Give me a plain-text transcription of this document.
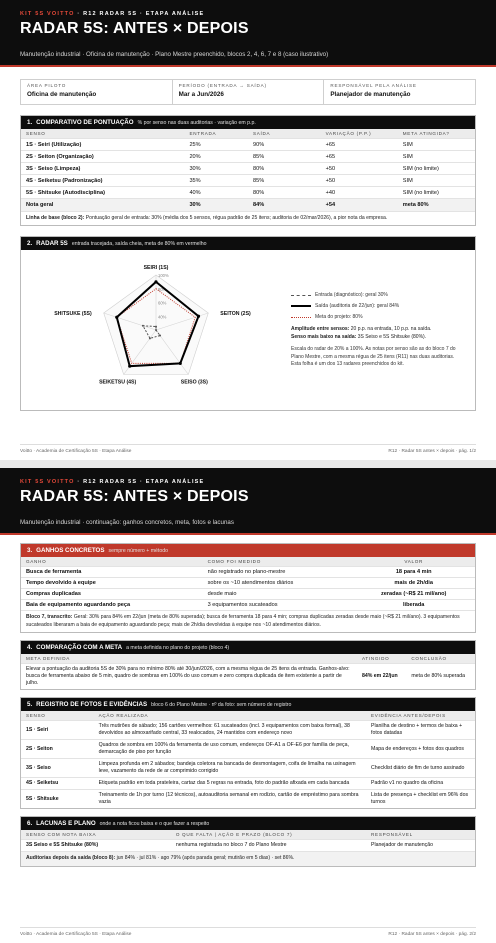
KIT 5S VOITTO · R12 RADAR 5S · ETAPA ANÁLISE
RADAR 5S: ANTES × DEPOIS
Manutenção industrial · Oficina de manutenção · Plano Mestre preenchido, blocos 2, 4, 6, 7 e 8 (caso ilustrativo)
ÁREA PILOTO
Oficina de manutenção
PERÍODO (ENTRADA → SAÍDA)
Mar a Jun/2026
RESPONSÁVEL PELA ANÁLISE
Planejador de manutenção
1. COMPARATIVO DE PONTUAÇÃO % por senso nas duas auditorias · variação em p.p.
SENSO	ENTRADA	SAÍDA	VARIAÇÃO (P.P.)	META ATINGIDA?
1S · Seiri (Utilização)	25%	90%	+65	SIM
2S · Seiton (Organização)	20%	85%	+65	SIM
3S · Seiso (Limpeza)	30%	80%	+50	SIM (no limite)
4S · Seiketsu (Padronização)	35%	85%	+50	SIM
5S · Shitsuke (Autodisciplina)	40%	80%	+40	SIM (no limite)
Nota geral	30%	84%	+54	meta 80%
Linha de base (bloco 2): Pontuação geral de entrada: 30% (média dos 5 sensos, régua padrão de 25 itens; auditoria de 02/mar/2026), a pior nota da empresa.
2. RADAR 5S entrada tracejada, saída cheia, meta de 80% em vermelho
100%
80%
60%
40%
SEIRI (1S)
SEITON (2S)
SEISO (3S)
SEIKETSU (4S)
SHITSUKE (5S)
Entrada (diagnóstico): geral 30%
Saída (auditoria de 22/jun): geral 84%
Meta do projeto: 80%
Amplitude entre sensos: 20 p.p. na entrada, 10 p.p. na saída.
Senso mais baixo na saída: 3S Seiso e 5S Shitsuke (80%).
Escala do radar de 20% a 100%. As notas por senso são as do bloco 7 do Plano Mestre, com a mesma régua de 25 itens (R11) nas duas auditorias. Esta folha é um dos 13 radares preenchidos do kit.
Voitto · Academia de Certificação 5S · Etapa Análise	R12 · Radar 5S antes × depois · pág. 1/2
KIT 5S VOITTO · R12 RADAR 5S · ETAPA ANÁLISE
RADAR 5S: ANTES × DEPOIS
Manutenção industrial · continuação: ganhos concretos, meta, fotos e lacunas
3. GANHOS CONCRETOS sempre número + método
GANHO	COMO FOI MEDIDO	VALOR
Busca de ferramenta	não registrado no plano-mestre	18 para 4 min
Tempo devolvido à equipe	sobre os ~10 atendimentos diários	mais de 2h/dia
Compras duplicadas	desde maio	zeradas (~R$ 21 mil/ano)
Baia de equipamento aguardando peça	3 equipamentos sucateados	liberada
Bloco 7, transcrito: Geral: 30% para 84% em 22/jun (meta de 80% superada); busca de ferramenta 18 para 4 min; compras duplicadas zeradas desde maio (~R$ 21 mil/ano). 3 equipamentos sucateados liberaram a baia de equipamento aguardando peça; mais de 2h/dia devolvidas à equipe nos ~10 atendimentos diários.
4. COMPARAÇÃO COM A META a meta definida no plano do projeto (bloco 4)
META DEFINIDA	ATINGIDO	CONCLUSÃO
Elevar a pontuação da auditoria 5S de 30% para no mínimo 80% até 30/jun/2026, com a mesma régua de 25 itens da entrada. Ganhos-alvo: busca de ferramenta abaixo de 5 min, quadro de sombras em 100% do uso comum e zero compra duplicada de item existente a partir de julho.	84% em 22/jun	meta de 80% superada
5. REGISTRO DE FOTOS E EVIDÊNCIAS bloco 6 do Plano Mestre · nº da foto: sem número de registro
SENSO	AÇÃO REALIZADA	EVIDÊNCIA ANTES/DEPOIS
1S · Seiri	Três mutirões de sábado; 156 cartões vermelhos: 61 sucateados (incl. 3 equipamentos com baixa formal), 38 devolvidos ao almoxarifado central, 33 realocados, 24 mantidos com endereço novo	Planilha de destino + termos de baixa + fotos datadas
2S · Seiton	Quadros de sombra em 100% da ferramenta de uso comum, endereços OF-A1 a OF-E6 por família de peça, demarcação de piso por função	Mapa de endereços + fotos dos quadros
3S · Seiso	Limpeza profunda em 2 sábados; bandeja coletora na bancada de desmontagem, coifa de limalha na usinagem leve, vazamento da rede de ar comprimido corrigido	Checklist diário de fim de turno assinado
4S · Seiketsu	Etiqueta padrão em toda prateleira, cartaz das 5 regras na entrada, foto do padrão afixada em cada bancada	Padrão v1 no quadro da oficina
5S · Shitsuke	Treinamento de 1h por turno (12 técnicos), autoauditoria semanal em rodízio, cartão de empréstimo para sombra vazia	Lista de presença + checklist em 96% dos turnos
6. LACUNAS E PLANO onde a nota ficou baixa e o que fazer a respeito
SENSO COM NOTA BAIXA	O QUE FALTA | AÇÃO E PRAZO (BLOCO 7)	RESPONSÁVEL
3S Seiso e 5S Shitsuke (80%)	nenhuma registrada no bloco 7 do Plano Mestre	Planejador de manutenção
Auditorias depois da saída (bloco 8): jun 84% · jul 81% · ago 79% (após parada geral; mutirão em 5 dias) · set 86%.
Voitto · Academia de Certificação 5S · Etapa Análise	R12 · Radar 5S antes × depois · pág. 2/2
